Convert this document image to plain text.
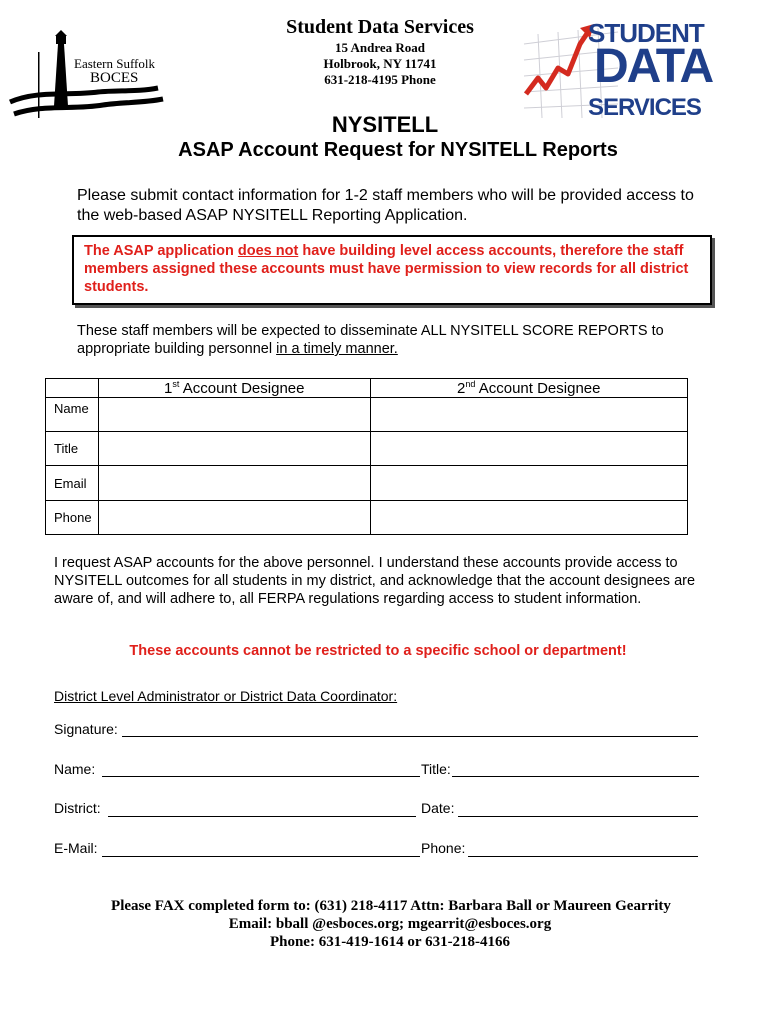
Eastern Suffolk
BOCES
Student Data Services
15 Andrea Road
Holbrook, NY 11741
631-218-4195 Phone
STUDENT
DATA
SERVICES
NYSITELL
ASAP Account Request for NYSITELL Reports
Please submit contact information for 1-2 staff members who will be provided access to the web-based ASAP NYSITELL Reporting Application.
The ASAP application does not have building level access accounts, therefore the staff members assigned these accounts must have permission to view records for all district students.
These staff members will be expected to disseminate ALL NYSITELL SCORE REPORTS to appropriate building personnel in a timely manner.
	1st Account Designee	2nd Account Designee
Name		
Title		
Email		
Phone		
I request ASAP accounts for the above personnel. I understand these accounts provide access to NYSITELL outcomes for all students in my district, and acknowledge that the account designees are aware of, and will adhere to, all FERPA regulations regarding access to student information.
These accounts cannot be restricted to a specific school or department!
District Level Administrator or District Data Coordinator:
Signature:
Name:	Title:
District:	Date:
E-Mail:	Phone:
Please FAX completed form to: (631) 218-4117 Attn: Barbara Ball or Maureen Gearrity
Email: bball @esboces.org; mgearrit@esboces.org
Phone: 631-419-1614 or 631-218-4166
